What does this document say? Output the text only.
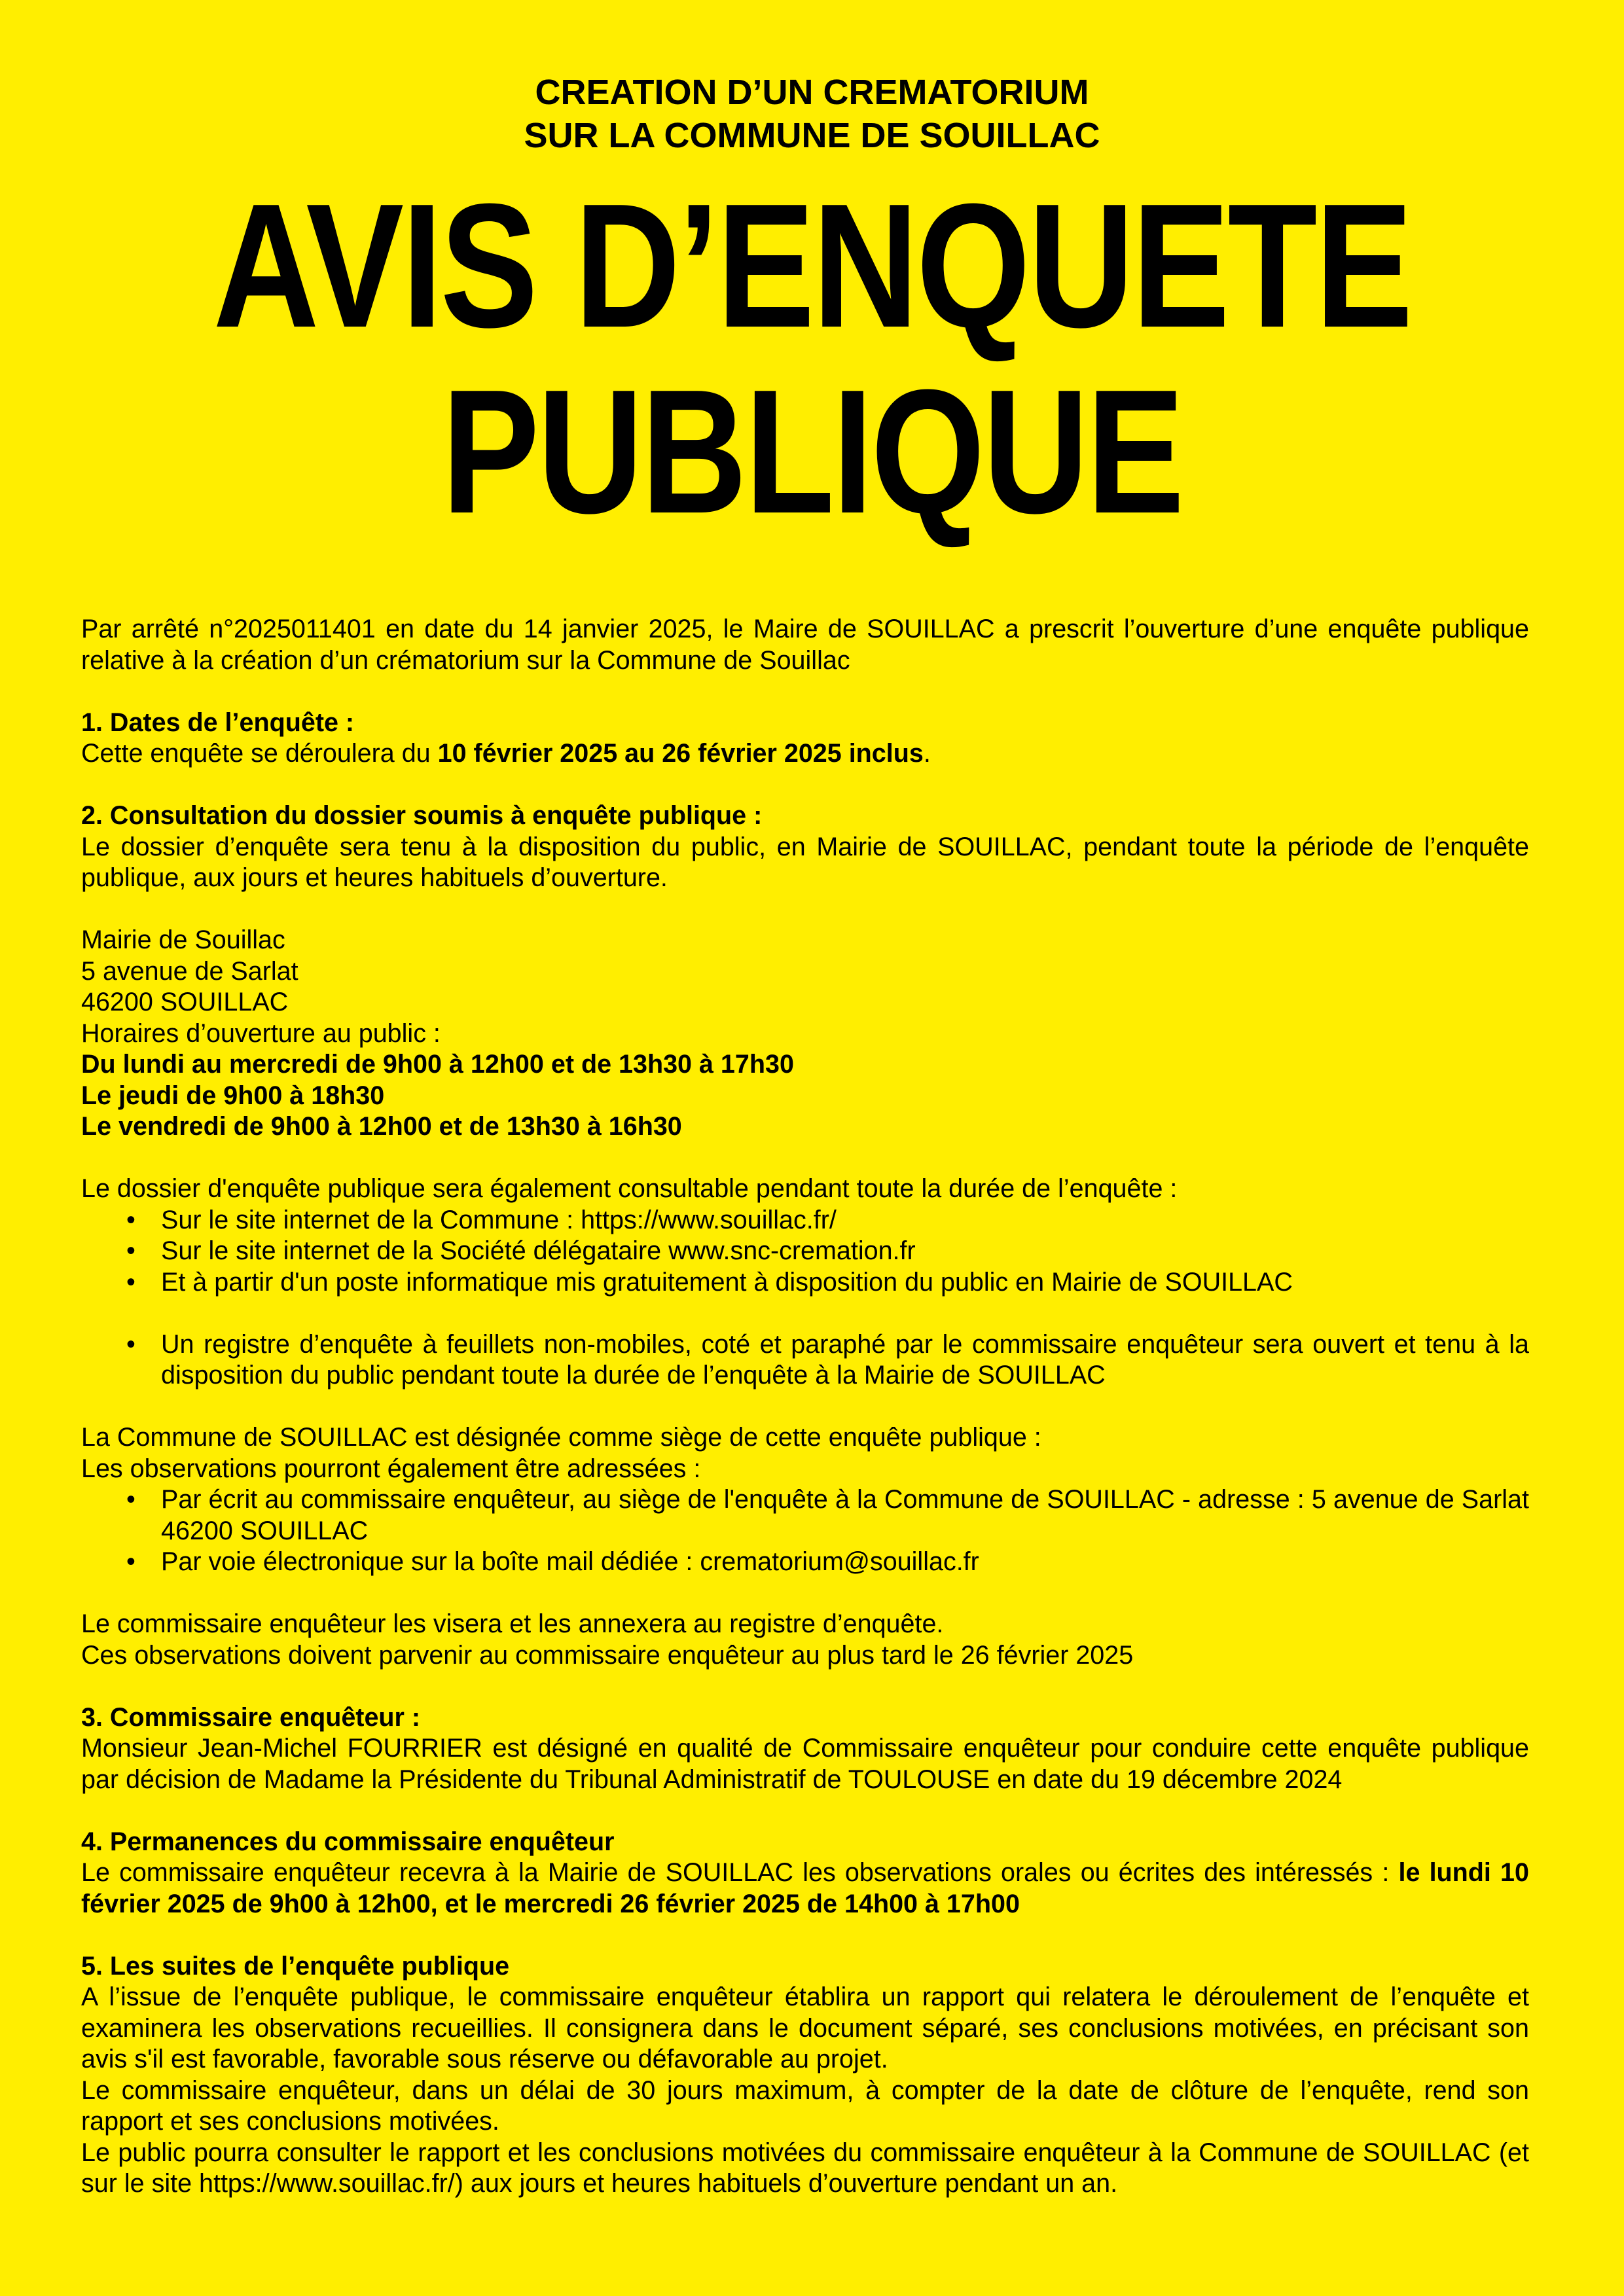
CREATION D’UN CREMATORIUM
SUR LA COMMUNE DE SOUILLAC
AVIS D’ENQUETE
PUBLIQUE

Par arrêté n°2025011401 en date du 14 janvier 2025, le Maire de SOUILLAC a prescrit l’ouverture d’une enquête publique relative à la création d’un crématorium sur la Commune de Souillac

1. Dates de l’enquête :

Cette enquête se déroulera du 10 février 2025 au 26 février 2025 inclus.

2. Consultation du dossier soumis à enquête publique :

Le dossier d’enquête sera tenu à la disposition du public, en Mairie de SOUILLAC, pendant toute la période de l’enquête publique, aux jours et heures habituels d’ouverture.

Mairie de Souillac

5 avenue de Sarlat

46200 SOUILLAC

Horaires d’ouverture au public :

Du lundi au mercredi de 9h00 à 12h00 et de 13h30 à 17h30

Le jeudi de 9h00 à 18h30

Le vendredi de 9h00 à 12h00 et de 13h30 à 16h30

Le dossier d'enquête publique sera également consultable pendant toute la durée de l’enquête :

• Sur le site internet de la Commune : https://www.souillac.fr/
• Sur le site internet de la Société délégataire www.snc-cremation.fr
• Et à partir d'un poste informatique mis gratuitement à disposition du public en Mairie de SOUILLAC
• Un registre d’enquête à feuillets non-mobiles, coté et paraphé par le commissaire enquêteur sera ouvert et tenu à la disposition du public pendant toute la durée de l’enquête à la Mairie de SOUILLAC

La Commune de SOUILLAC est désignée comme siège de cette enquête publique :

Les observations pourront également être adressées :

• Par écrit au commissaire enquêteur, au siège de l'enquête à la Commune de SOUILLAC - adresse : 5 avenue de Sarlat 46200 SOUILLAC
• Par voie électronique sur la boîte mail dédiée : crematorium@souillac.fr

Le commissaire enquêteur les visera et les annexera au registre d’enquête.

Ces observations doivent parvenir au commissaire enquêteur au plus tard le 26 février 2025

3. Commissaire enquêteur :

Monsieur Jean-Michel FOURRIER est désigné en qualité de Commissaire enquêteur pour conduire cette enquête publique par décision de Madame la Présidente du Tribunal Administratif de TOULOUSE en date du 19 décembre 2024

4. Permanences du commissaire enquêteur

Le commissaire enquêteur recevra à la Mairie de SOUILLAC les observations orales ou écrites des intéressés : le lundi 10 février 2025 de 9h00 à 12h00, et le mercredi 26 février 2025 de 14h00 à 17h00

5. Les suites de l’enquête publique

A l’issue de l’enquête publique, le commissaire enquêteur établira un rapport qui relatera le déroulement de l’enquête et examinera les observations recueillies. Il consignera dans le document séparé, ses conclusions motivées, en précisant son avis s'il est favorable, favorable sous réserve ou défavorable au projet.

Le commissaire enquêteur, dans un délai de 30 jours maximum, à compter de la date de clôture de l’enquête, rend son rapport et ses conclusions motivées.

Le public pourra consulter le rapport et les conclusions motivées du commissaire enquêteur à la Commune de SOUILLAC (et sur le site https://www.souillac.fr/) aux jours et heures habituels d’ouverture pendant un an.
